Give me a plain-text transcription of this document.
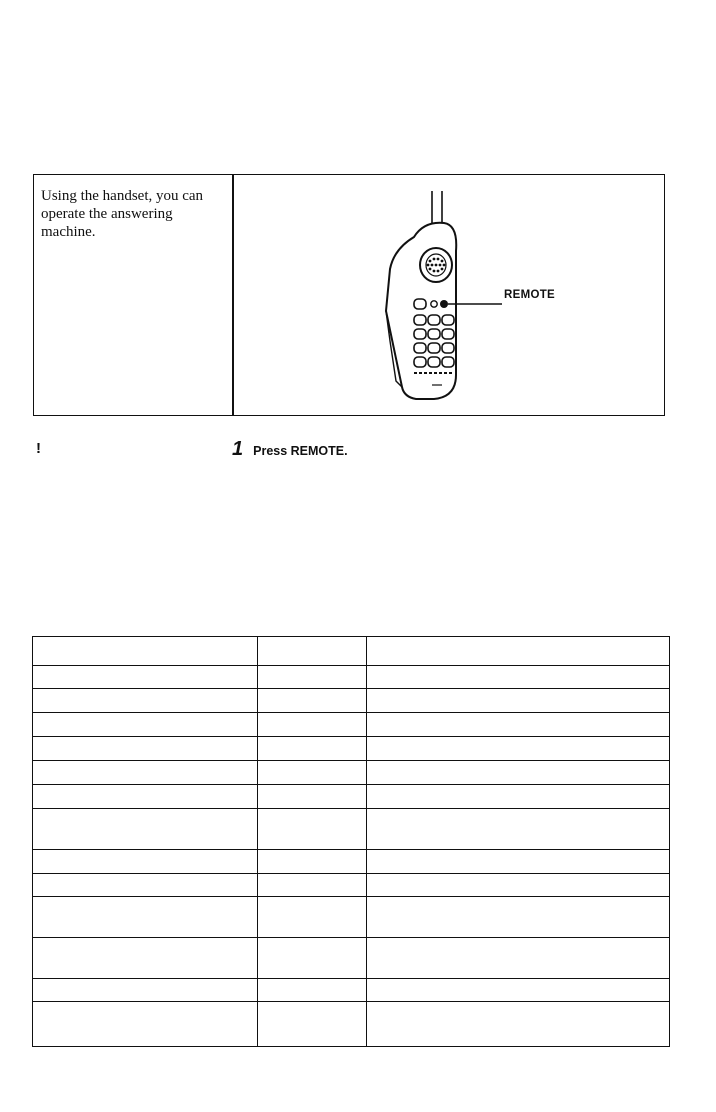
Using the handset, you can operate the answering machine.
REMOTE
!	1 Press REMOTE.
